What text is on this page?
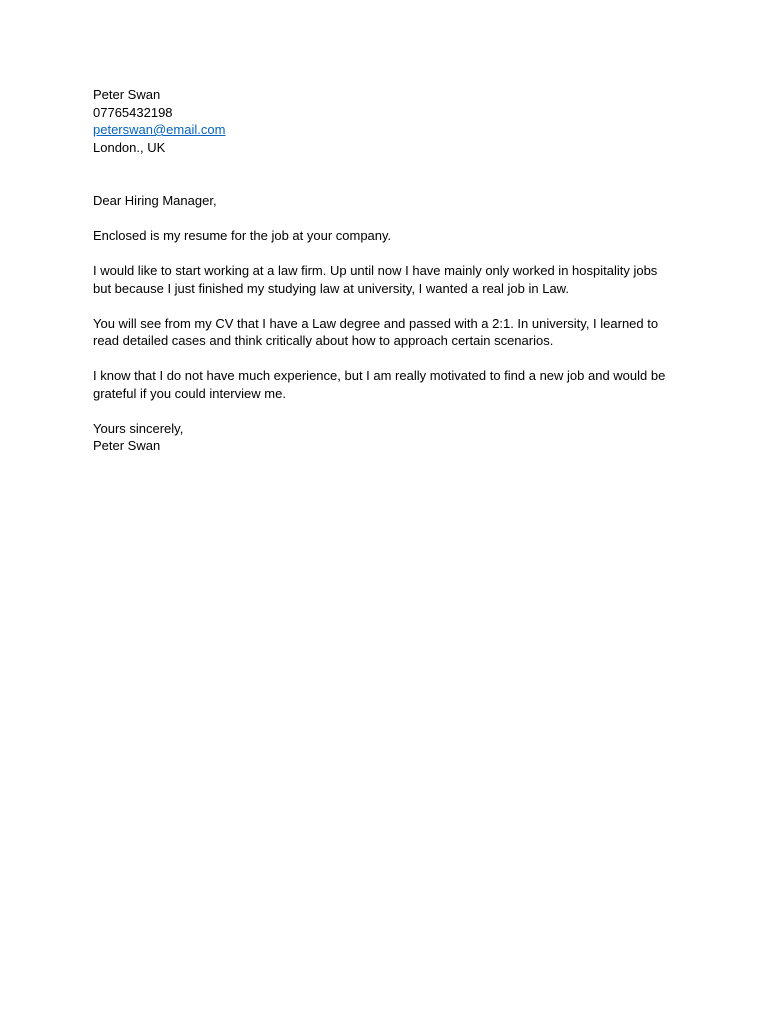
Peter Swan
07765432198
peterswan@email.com
London., UK
Dear Hiring Manager,
Enclosed is my resume for the job at your company.
I would like to start working at a law firm. Up until now I have mainly only worked in hospitality jobs
but because I just finished my studying law at university, I wanted a real job in Law.
You will see from my CV that I have a Law degree and passed with a 2:1. In university, I learned to
read detailed cases and think critically about how to approach certain scenarios.
I know that I do not have much experience, but I am really motivated to find a new job and would be
grateful if you could interview me.
Yours sincerely,
Peter Swan
